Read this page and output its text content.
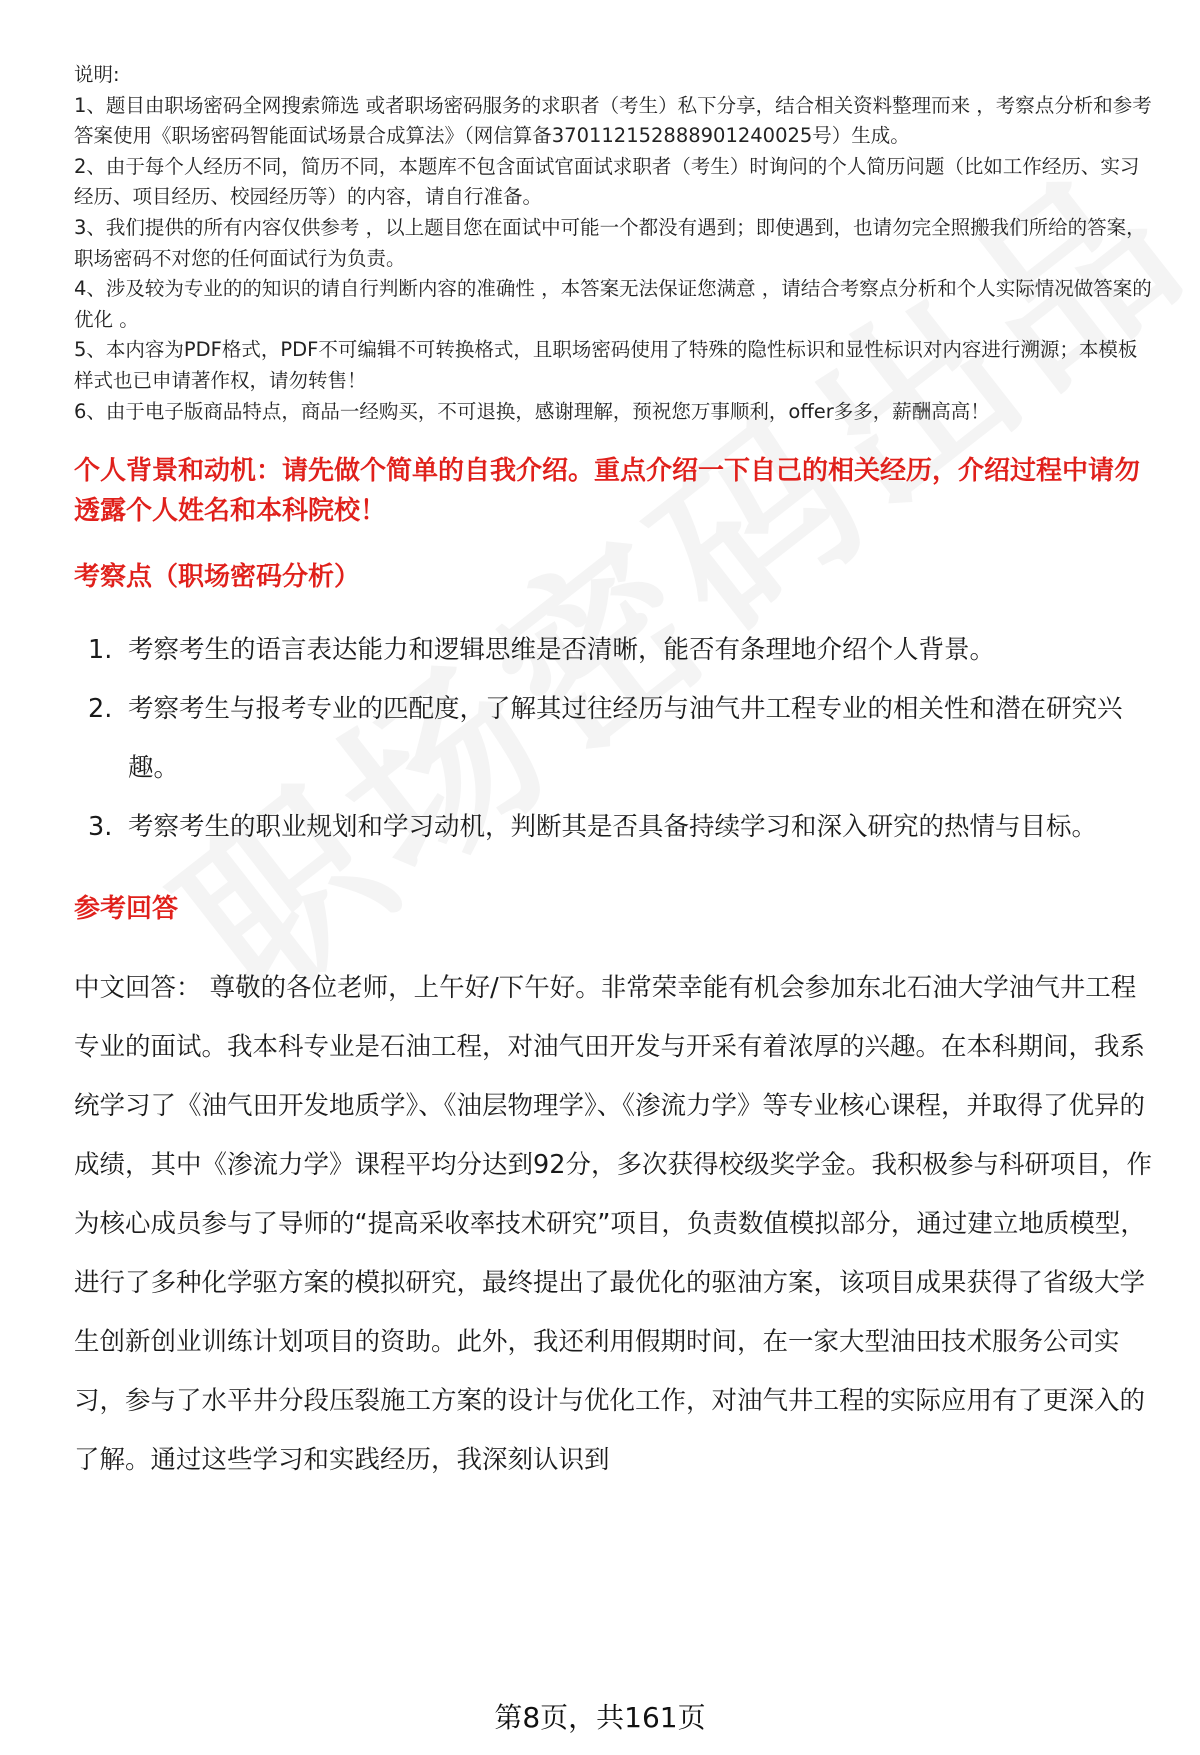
说明:

1、题目由职场密码全网搜索筛选 或者职场密码服务的求职者（考生）私下分享，结合相关资料整理而来 ，考察点分析和参考答案使用《职场密码智能面试场景合成算法》（网信算备370112152888901240025号）生成。

2、由于每个人经历不同，简历不同，本题库不包含面试官面试求职者（考生）时询问的个人简历问题（比如工作经历、实习经历、项目经历、校园经历等）的内容，请自行准备。

3、我们提供的所有内容仅供参考 ，以上题目您在面试中可能一个都没有遇到；即使遇到，也请勿完全照搬我们所给的答案，职场密码不对您的任何面试行为负责。

4、涉及较为专业的的知识的请自行判断内容的准确性 ，本答案无法保证您满意 ，请结合考察点分析和个人实际情况做答案的优化 。

5、本内容为PDF格式，PDF不可编辑不可转换格式，且职场密码使用了特殊的隐性标识和显性标识对内容进行溯源；本模板样式也已申请著作权，请勿转售！

6、由于电子版商品特点，商品一经购买，不可退换，感谢理解，预祝您万事顺利，offer多多，薪酬高高！

个人背景和动机：请先做个简单的自我介绍。重点介绍一下自己的相关经历，介绍过程中请勿透露个人姓名和本科院校！
考察点（职场密码分析）
1. 考察考生的语言表达能力和逻辑思维是否清晰，能否有条理地介绍个人背景。
2. 考察考生与报考专业的匹配度，了解其过往经历与油气井工程专业的相关性和潜在研究兴趣。
3. 考察考生的职业规划和学习动机，判断其是否具备持续学习和深入研究的热情与目标。
参考回答

中文回答： 尊敬的各位老师，上午好/下午好。非常荣幸能有机会参加东北石油大学油气井工程专业的面试。我本科专业是石油工程，对油气田开发与开采有着浓厚的兴趣。在本科期间，我系统学习了《油气田开发地质学》、《油层物理学》、《渗流力学》等专业核心课程，并取得了优异的成绩，其中《渗流力学》课程平均分达到92分，多次获得校级奖学金。我积极参与科研项目，作为核心成员参与了导师的“提高采收率技术研究”项目，负责数值模拟部分，通过建立地质模型，进行了多种化学驱方案的模拟研究，最终提出了最优化的驱油方案，该项目成果获得了省级大学生创新创业训练计划项目的资助。此外，我还利用假期时间，在一家大型油田技术服务公司实习，参与了水平井分段压裂施工方案的设计与优化工作，对油气井工程的实际应用有了更深入的了解。通过这些学习和实践经历，我深刻认识到

第8页，共161页
